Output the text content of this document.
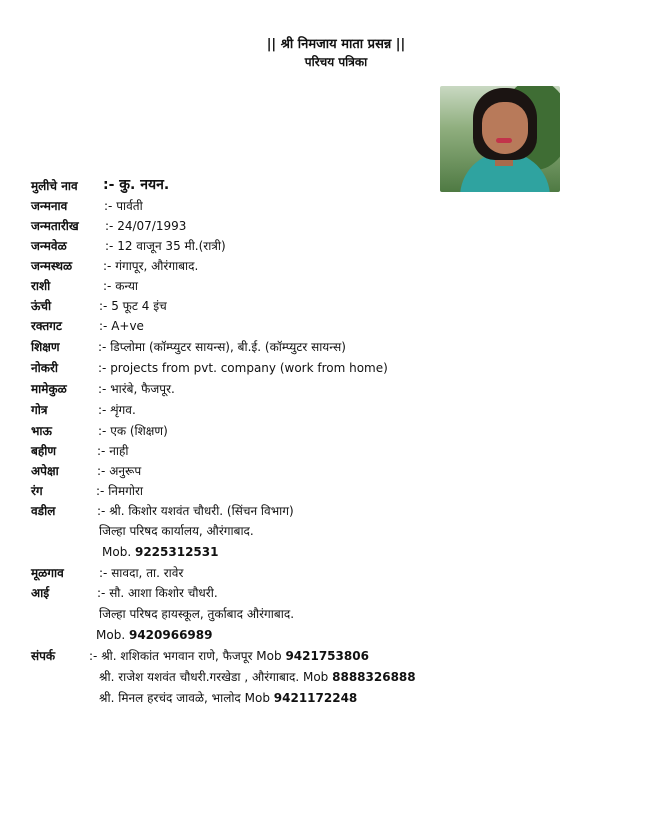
|| श्री निमजाय माता प्रसन्न ||
परिचय पत्रिका
मुलीचे नाव :- कु. नयन.
जन्मनाव	:- पार्वती
जन्मतारीख :- 24/07/1993
जन्मवेळ	:- 12 वाजून 35 मी.(रात्री)
जन्मस्थळ	:- गंगापूर, औरंगाबाद.
राशी	:- कन्या
ऊंची	:- 5 फूट 4 इंच
रक्तगट	:- A+ve
शिक्षण	:- डिप्लोमा (कॉम्प्युटर सायन्स), बी.ई. (कॉम्प्युटर सायन्स)
नोकरी	:- projects from pvt. company (work from home)
मामेकुळ	:- भारंबे, फैजपूर.
गोत्र	:- शृंगव.
भाऊ	:- एक (शिक्षण)
बहीण	:- नाही
अपेक्षा	:- अनुरूप
रंग	:- निमगोरा
वडील	:- श्री. किशोर यशवंत चौधरी. (सिंचन विभाग)
जिल्हा परिषद कार्यालय, औरंगाबाद.
Mob. 9225312531
मूळगाव	:- सावदा, ता. रावेर
आई	:- सौ. आशा किशोर चौधरी.
जिल्हा परिषद हायस्कूल, तुर्काबाद औरंगाबाद.
Mob. 9420966989
संपर्क	:- श्री. शशिकांत भगवान राणे, फैजपूर Mob 9421753806
श्री. राजेश यशवंत चौधरी.गरखेडा , औरंगाबाद. Mob 8888326888
श्री. मिनल हरचंद जावळे, भालोद Mob 9421172248
